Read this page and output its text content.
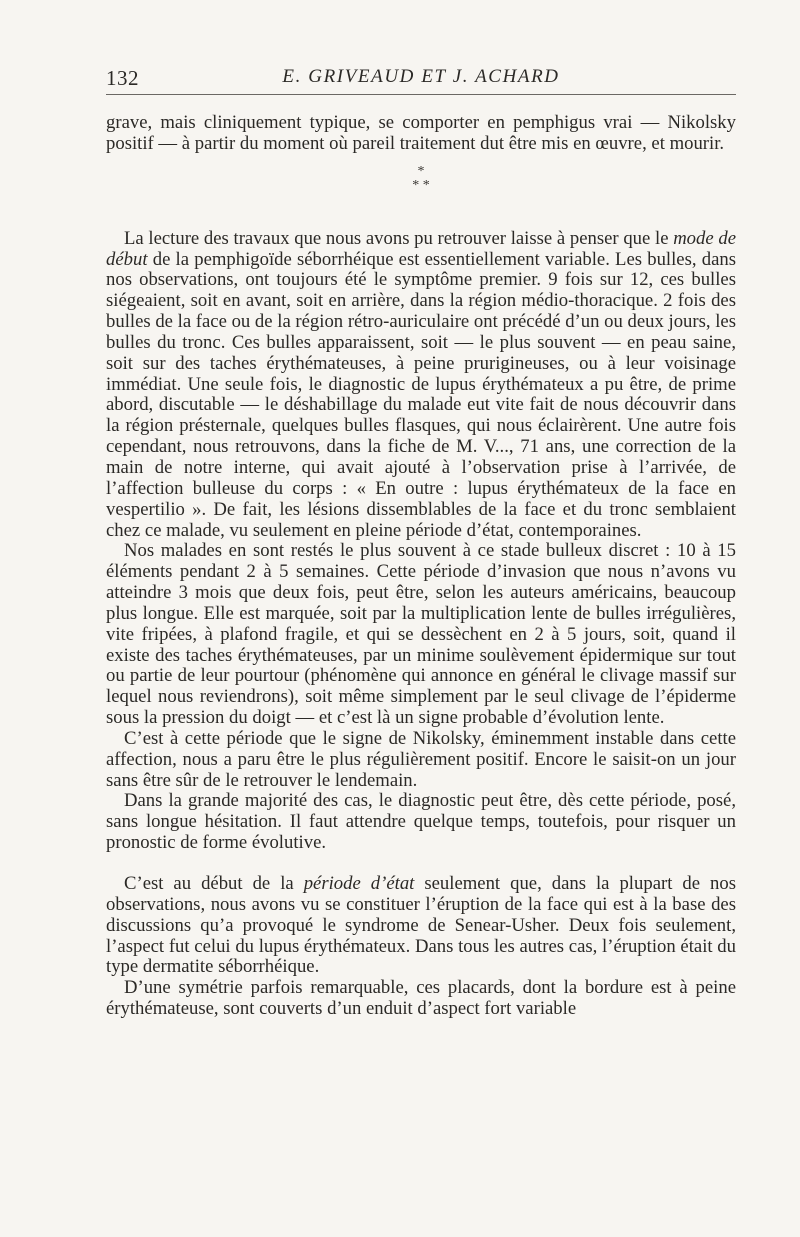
132	E. GRIVEAUD ET J. ACHARD

grave, mais cliniquement typique, se comporter en pemphigus vrai — Nikolsky positif — à partir du moment où pareil traitement dut être mis en œuvre, et mourir.

*
* *

La lecture des travaux que nous avons pu retrouver laisse à penser que le mode de début de la pemphigoïde séborrhéique est essentiellement variable. Les bulles, dans nos observations, ont toujours été le symptôme premier. 9 fois sur 12, ces bulles siégeaient, soit en avant, soit en arrière, dans la région médio-thoracique. 2 fois des bulles de la face ou de la région rétro-auriculaire ont précédé d’un ou deux jours, les bulles du tronc. Ces bulles apparaissent, soit — le plus souvent — en peau saine, soit sur des taches érythémateuses, à peine prurigineuses, ou à leur voisinage immédiat. Une seule fois, le diagnostic de lupus érythémateux a pu être, de prime abord, discutable — le déshabillage du malade eut vite fait de nous découvrir dans la région présternale, quelques bulles flasques, qui nous éclairèrent. Une autre fois cependant, nous retrouvons, dans la fiche de M. V..., 71 ans, une correction de la main de notre interne, qui avait ajouté à l’observation prise à l’arrivée, de l’affection bulleuse du corps : « En outre : lupus érythémateux de la face en vespertilio ». De fait, les lésions dissemblables de la face et du tronc semblaient chez ce malade, vu seulement en pleine période d’état, contemporaines.

Nos malades en sont restés le plus souvent à ce stade bulleux discret : 10 à 15 éléments pendant 2 à 5 semaines. Cette période d’invasion que nous n’avons vu atteindre 3 mois que deux fois, peut être, selon les auteurs américains, beaucoup plus longue. Elle est marquée, soit par la multiplication lente de bulles irrégulières, vite fripées, à plafond fragile, et qui se dessèchent en 2 à 5 jours, soit, quand il existe des taches érythémateuses, par un minime soulèvement épidermique sur tout ou partie de leur pourtour (phénomène qui annonce en général le clivage massif sur lequel nous reviendrons), soit même simplement par le seul clivage de l’épiderme sous la pression du doigt — et c’est là un signe probable d’évolution lente.

C’est à cette période que le signe de Nikolsky, éminemment instable dans cette affection, nous a paru être le plus régulièrement positif. Encore le saisit-on un jour sans être sûr de le retrouver le lendemain.

Dans la grande majorité des cas, le diagnostic peut être, dès cette période, posé, sans longue hésitation. Il faut attendre quelque temps, toutefois, pour risquer un pronostic de forme évolutive.

C’est au début de la période d’état seulement que, dans la plupart de nos observations, nous avons vu se constituer l’éruption de la face qui est à la base des discussions qu’a provoqué le syndrome de Senear-Usher. Deux fois seulement, l’aspect fut celui du lupus érythémateux. Dans tous les autres cas, l’éruption était du type dermatite séborrhéique.

D’une symétrie parfois remarquable, ces placards, dont la bordure est à peine érythémateuse, sont couverts d’un enduit d’aspect fort variable
